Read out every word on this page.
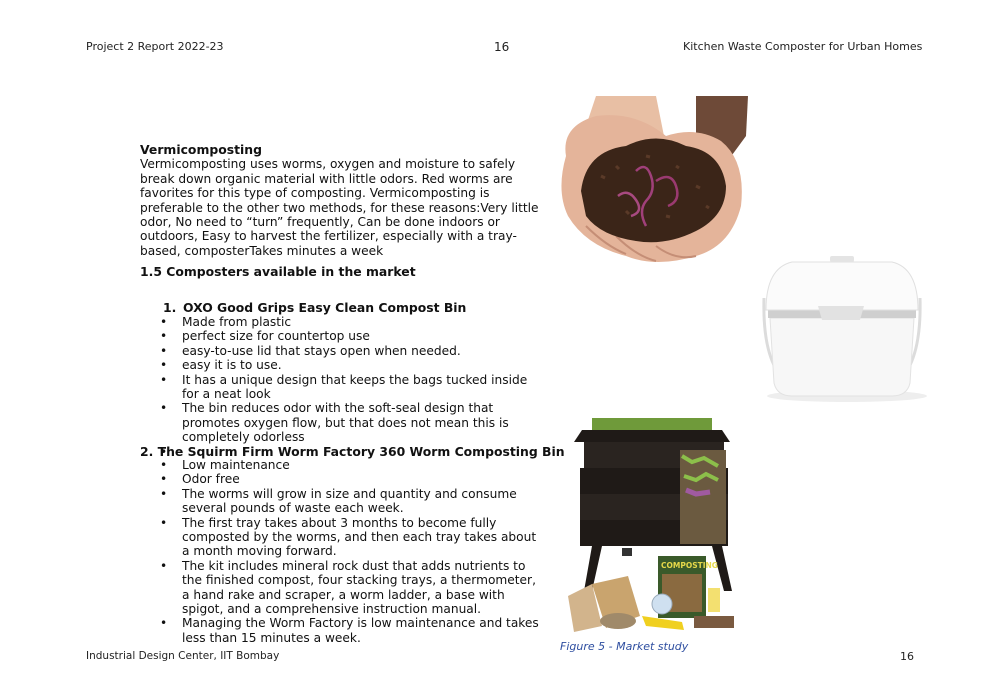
Project 2 Report 2022-23	16	Kitchen Waste Composter for Urban Homes
Vermicomposting

Vermicomposting uses worms, oxygen and moisture to safely break down organic material with little odors. Red worms are favorites for this type of composting. Vermicomposting is preferable to the other two methods, for these reasons:Very little odor, No need to “turn” frequently, Can be done indoors or outdoors, Easy to harvest the fertilizer, especially with a tray-based, composterTakes minutes a week

1.5 Composters available in the market
1. OXO Good Grips Easy Clean Compost Bin
• Made from plastic
• perfect size for countertop use
• easy-to-use lid that stays open when needed.
• easy it is to use.
• It has a unique design that keeps the bags tucked inside for a neat look
• The bin reduces odor with the soft-seal design that promotes oxygen flow, but that does not mean this is completely odorless
•
2. The Squirm Firm Worm Factory 360 Worm Composting Bin
• Low maintenance
• Odor free
• The worms will grow in size and quantity and consume several pounds of waste each week.
• The first tray takes about 3 months to become fully composted by the worms, and then each tray takes about a month moving forward.
• The kit includes mineral rock dust that adds nutrients to the finished compost, four stacking trays, a thermometer, a hand rake and scraper, a worm ladder, a base with spigot, and a comprehensive instruction manual.
• Managing the Worm Factory is low maintenance and takes less than 15 minutes a week.
COMPOSTING
Figure 5 - Market study
Industrial Design Center, IIT Bombay	16
